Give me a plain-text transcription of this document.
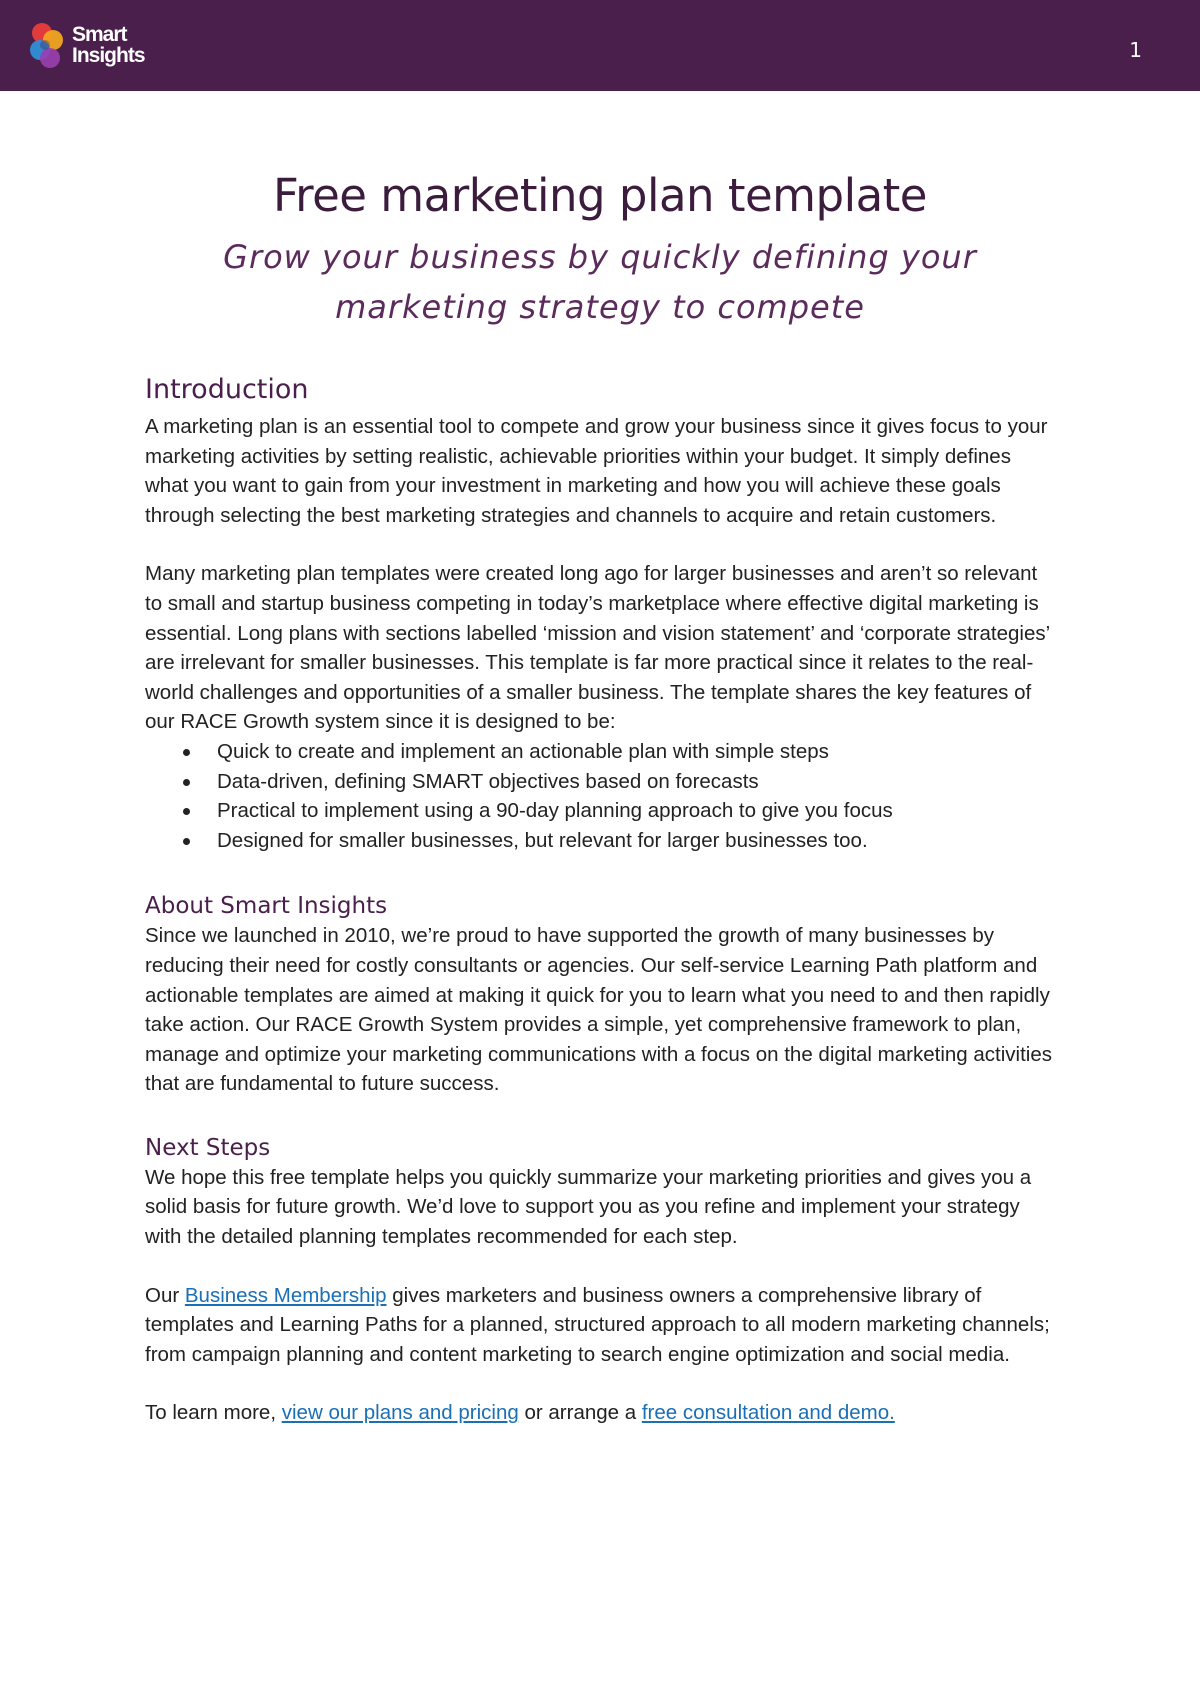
Smart
Insights	1
Free marketing plan template
Grow your business by quickly defining your
marketing strategy to compete
Introduction

A marketing plan is an essential tool to compete and grow your business since it gives focus to your marketing activities by setting realistic, achievable priorities within your budget. It simply defines what you want to gain from your investment in marketing and how you will achieve these goals through selecting the best marketing strategies and channels to acquire and retain customers.

Many marketing plan templates were created long ago for larger businesses and aren’t so relevant to small and startup business competing in today’s marketplace where effective digital marketing is essential. Long plans with sections labelled ‘mission and vision statement’ and ‘corporate strategies’ are irrelevant for smaller businesses. This template is far more practical since it relates to the real-world challenges and opportunities of a smaller business. The template shares the key features of our RACE Growth system since it is designed to be:

Quick to create and implement an actionable plan with simple steps
Data-driven, defining SMART objectives based on forecasts
Practical to implement using a 90-day planning approach to give you focus
Designed for smaller businesses, but relevant for larger businesses too.
About Smart Insights

Since we launched in 2010, we’re proud to have supported the growth of many businesses by reducing their need for costly consultants or agencies. Our self-service Learning Path platform and actionable templates are aimed at making it quick for you to learn what you need to and then rapidly take action. Our RACE Growth System provides a simple, yet comprehensive framework to plan, manage and optimize your marketing communications with a focus on the digital marketing activities that are fundamental to future success.

Next Steps

We hope this free template helps you quickly summarize your marketing priorities and gives you a solid basis for future growth. We’d love to support you as you refine and implement your strategy with the detailed planning templates recommended for each step.

Our Business Membership gives marketers and business owners a comprehensive library of templates and Learning Paths for a planned, structured approach to all modern marketing channels; from campaign planning and content marketing to search engine optimization and social media.

To learn more, view our plans and pricing or arrange a free consultation and demo.
